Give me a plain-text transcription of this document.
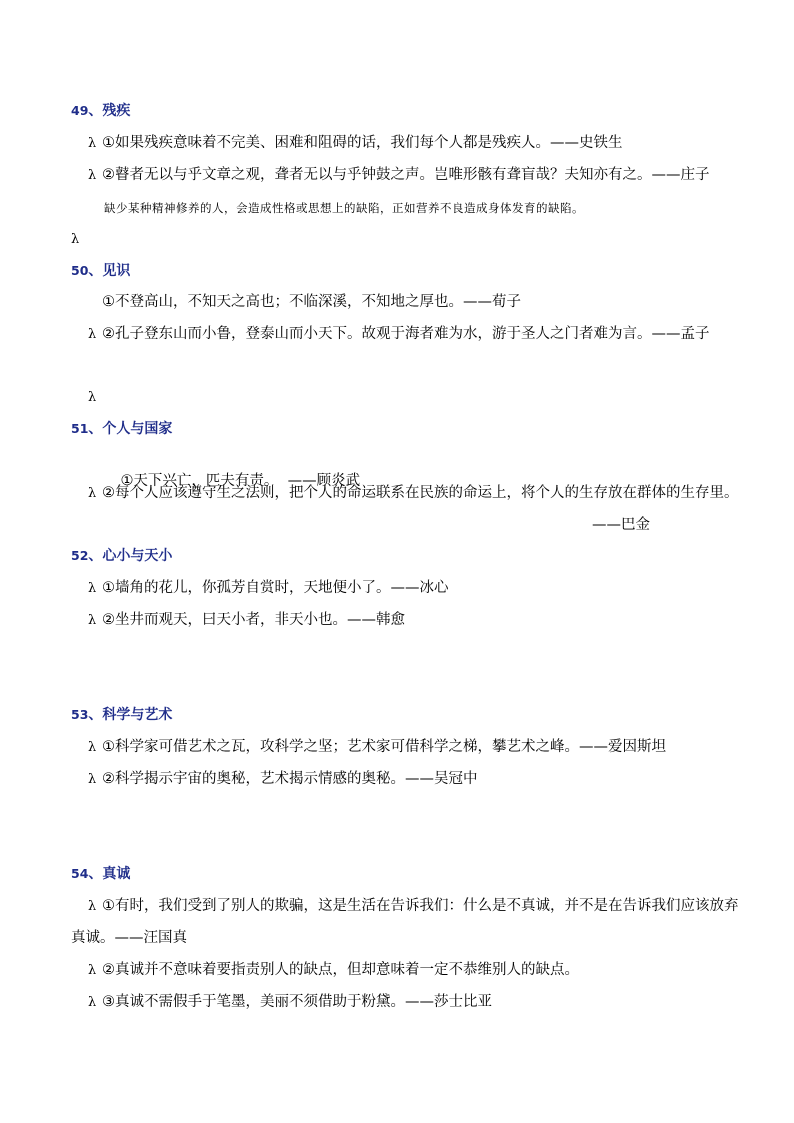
49、残疾
λ ①如果残疾意味着不完美、困难和阻碍的话，我们每个人都是残疾人。——史铁生
λ ②瞽者无以与乎文章之观，聋者无以与乎钟鼓之声。岂唯形骸有聋盲哉？夫知亦有之。——庄子
缺少某种精神修养的人，会造成性格或思想上的缺陷，正如营养不良造成身体发育的缺陷。
λ
50、见识
①不登高山，不知天之高也；不临深溪，不知地之厚也。——荀子
λ ②孔子登东山而小鲁，登泰山而小天下。故观于海者难为水，游于圣人之门者难为言。——孟子
λ
51、个人与国家

①天下兴亡，匹夫有责。  ——顾炎武

λ ②每个人应该遵守生之法则，把个人的命运联系在民族的命运上，将个人的生存放在群体的生存里。
——巴金
52、心小与天小
λ ①墙角的花儿，你孤芳自赏时，天地便小了。——冰心
λ ②坐井而观天，曰天小者，非天小也。——韩愈
53、科学与艺术
λ ①科学家可借艺术之瓦，攻科学之坚；艺术家可借科学之梯，攀艺术之峰。——爱因斯坦
λ ②科学揭示宇宙的奥秘，艺术揭示情感的奥秘。——吴冠中
54、真诚
λ ①有时，我们受到了别人的欺骗，这是生活在告诉我们：什么是不真诚，并不是在告诉我们应该放弃
真诚。——汪国真
λ ②真诚并不意味着要指责别人的缺点，但却意味着一定不恭维别人的缺点。
λ ③真诚不需假手于笔墨，美丽不须借助于粉黛。——莎士比亚
